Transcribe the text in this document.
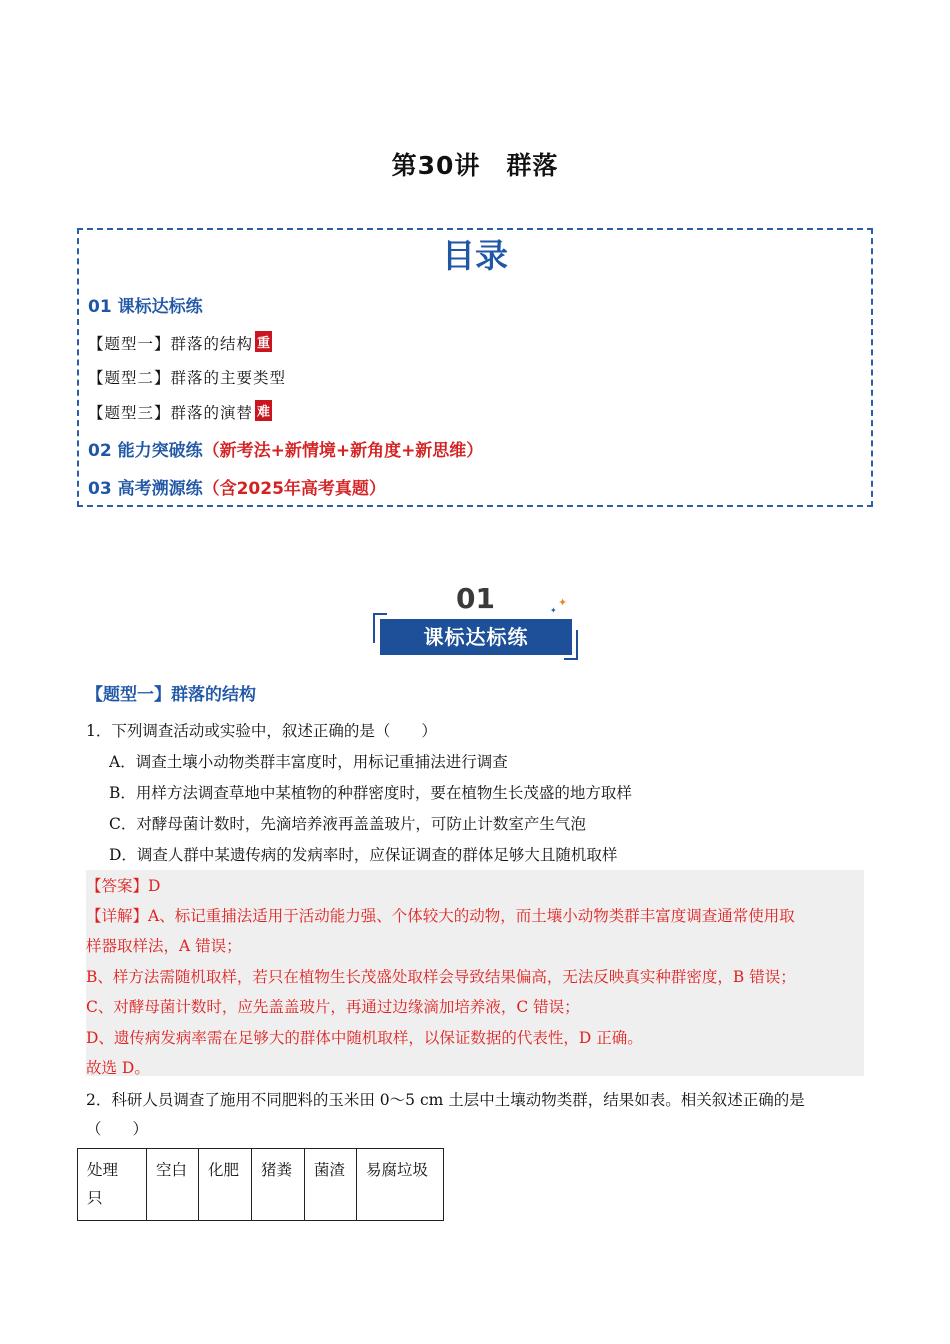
第30讲　群落
目录
01 课标达标练
【题型一】群落的结构 重
【题型二】群落的主要类型
【题型三】群落的演替 难
02 能力突破练（新考法+新情境+新角度+新思维）
03 高考溯源练（含2025年高考真题）
01
课标达标练
✦
✦
【题型一】群落的结构
1．下列调查活动或实验中，叙述正确的是（　　）
A．调查土壤小动物类群丰富度时，用标记重捕法进行调查
B．用样方法调查草地中某植物的种群密度时，要在植物生长茂盛的地方取样
C．对酵母菌计数时，先滴培养液再盖盖玻片，可防止计数室产生气泡
D．调查人群中某遗传病的发病率时，应保证调查的群体足够大且随机取样
【答案】D
【详解】A、标记重捕法适用于活动能力强、个体较大的动物，而土壤小动物类群丰富度调查通常使用取
样器取样法，A 错误；
B、样方法需随机取样，若只在植物生长茂盛处取样会导致结果偏高，无法反映真实种群密度，B 错误；
C、对酵母菌计数时，应先盖盖玻片，再通过边缘滴加培养液，C 错误；
D、遗传病发病率需在足够大的群体中随机取样，以保证数据的代表性，D 正确。
故选 D。
2．科研人员调查了施用不同肥料的玉米田 0～5 cm 土层中土壤动物类群，结果如表。相关叙述正确的是
（　　）
处理
只	空白	化肥	猪粪	菌渣	易腐垃圾
